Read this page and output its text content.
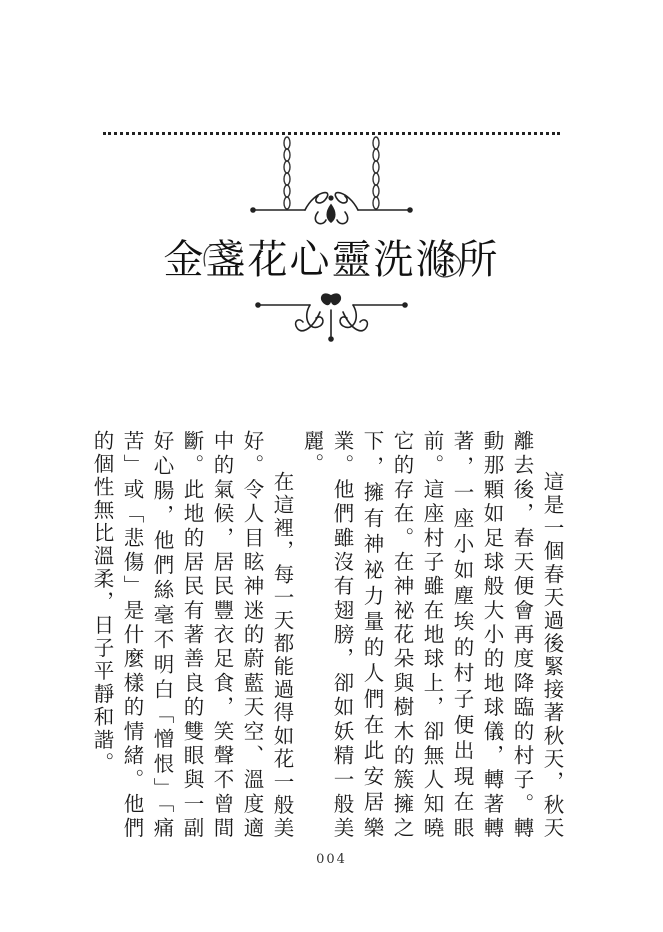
金盞花心靈洗滌所

這是一個春天過後緊接著秋天，秋天離去後，春天便會再度降臨的村子。轉動那顆如足球般大小的地球儀，轉著轉著，一座小如塵埃的村子便出現在眼前。這座村子雖在地球上，卻無人知曉它的存在。在神祕花朵與樹木的簇擁之下，擁有神祕力量的人們在此安居樂業。他們雖沒有翅膀，卻如妖精一般美麗。

在這裡，每一天都能過得如花一般美好。令人目眩神迷的蔚藍天空、溫度適中的氣候，居民豐衣足食，笑聲不曾間斷。此地的居民有著善良的雙眼與一副好心腸，他們絲毫不明白「憎恨」「痛苦」或「悲傷」是什麼樣的情緒。他們的個性無比溫柔，日子平靜和諧。

004
